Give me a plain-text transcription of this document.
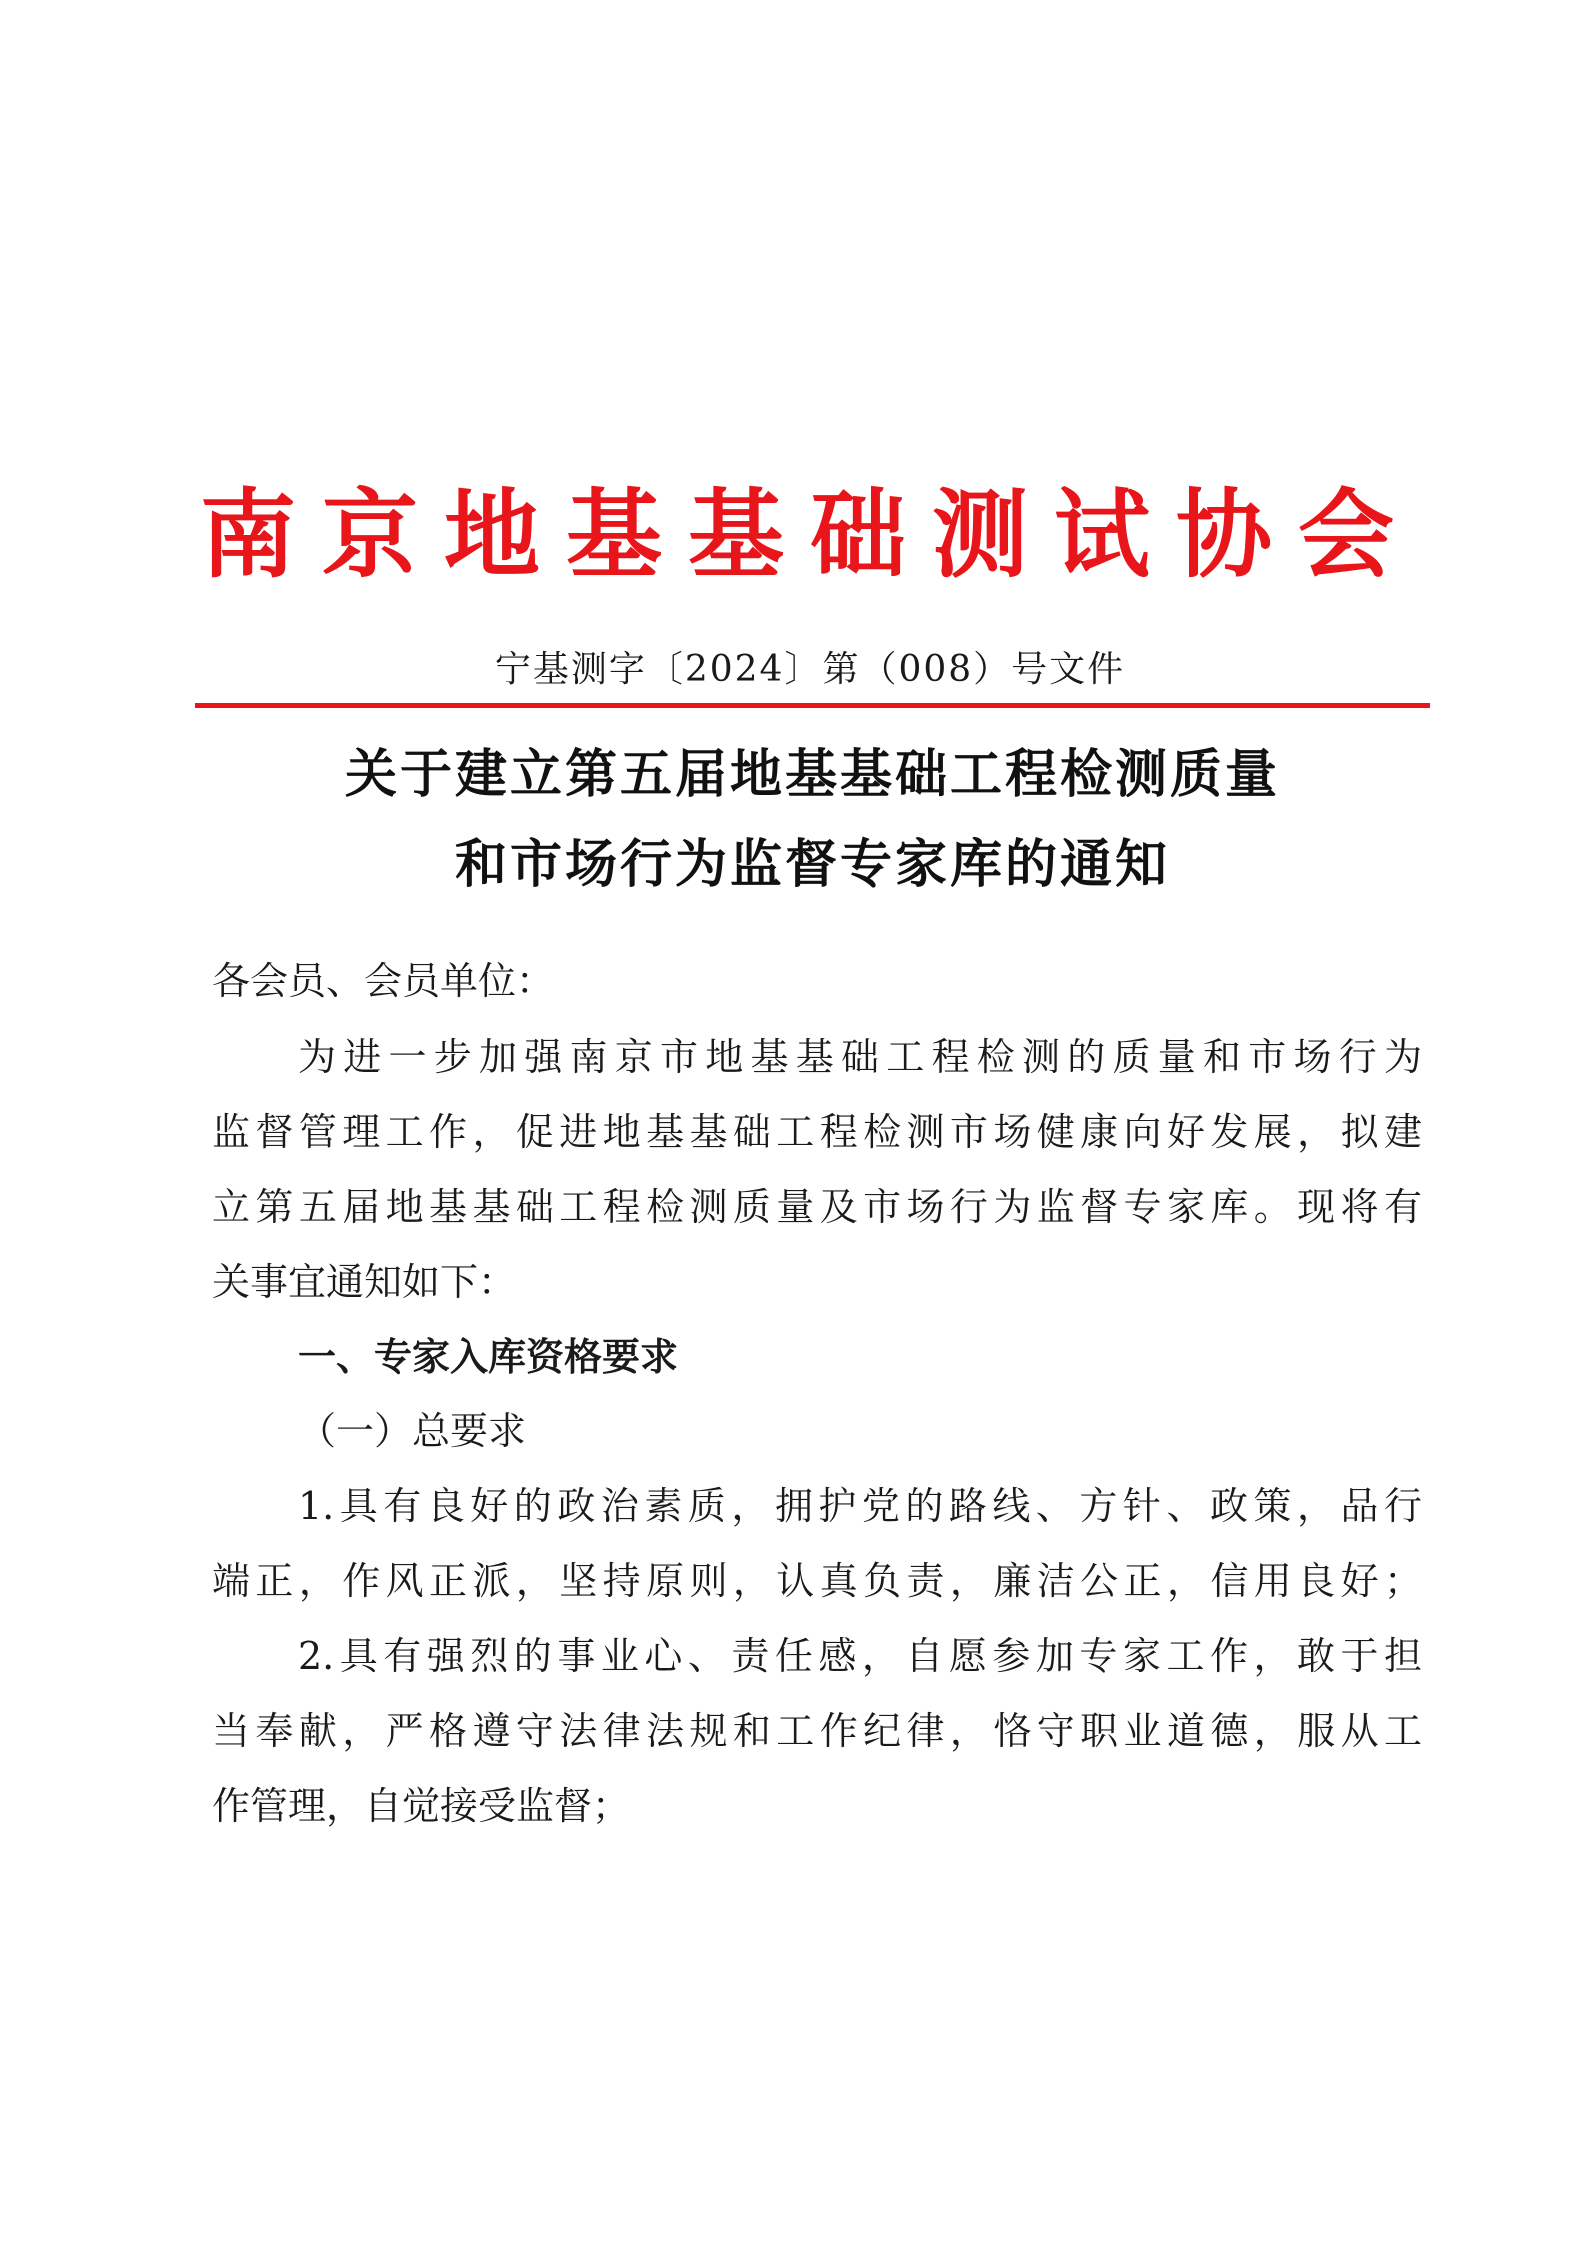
南京地基基础测试协会
宁基测字〔2024〕第（008）号文件
关于建立第五届地基基础工程检测质量
和市场行为监督专家库的通知
各会员、会员单位：
为进一步加强南京市地基基础工程检测的质量和市场行为
监督管理工作，促进地基基础工程检测市场健康向好发展，拟建
立第五届地基基础工程检测质量及市场行为监督专家库。现将有
关事宜通知如下：
一、专家入库资格要求
（一）总要求
1.具有良好的政治素质，拥护党的路线、方针、政策，品行
端正，作风正派，坚持原则，认真负责，廉洁公正，信用良好；
2.具有强烈的事业心、责任感，自愿参加专家工作，敢于担
当奉献，严格遵守法律法规和工作纪律，恪守职业道德，服从工
作管理，自觉接受监督；
